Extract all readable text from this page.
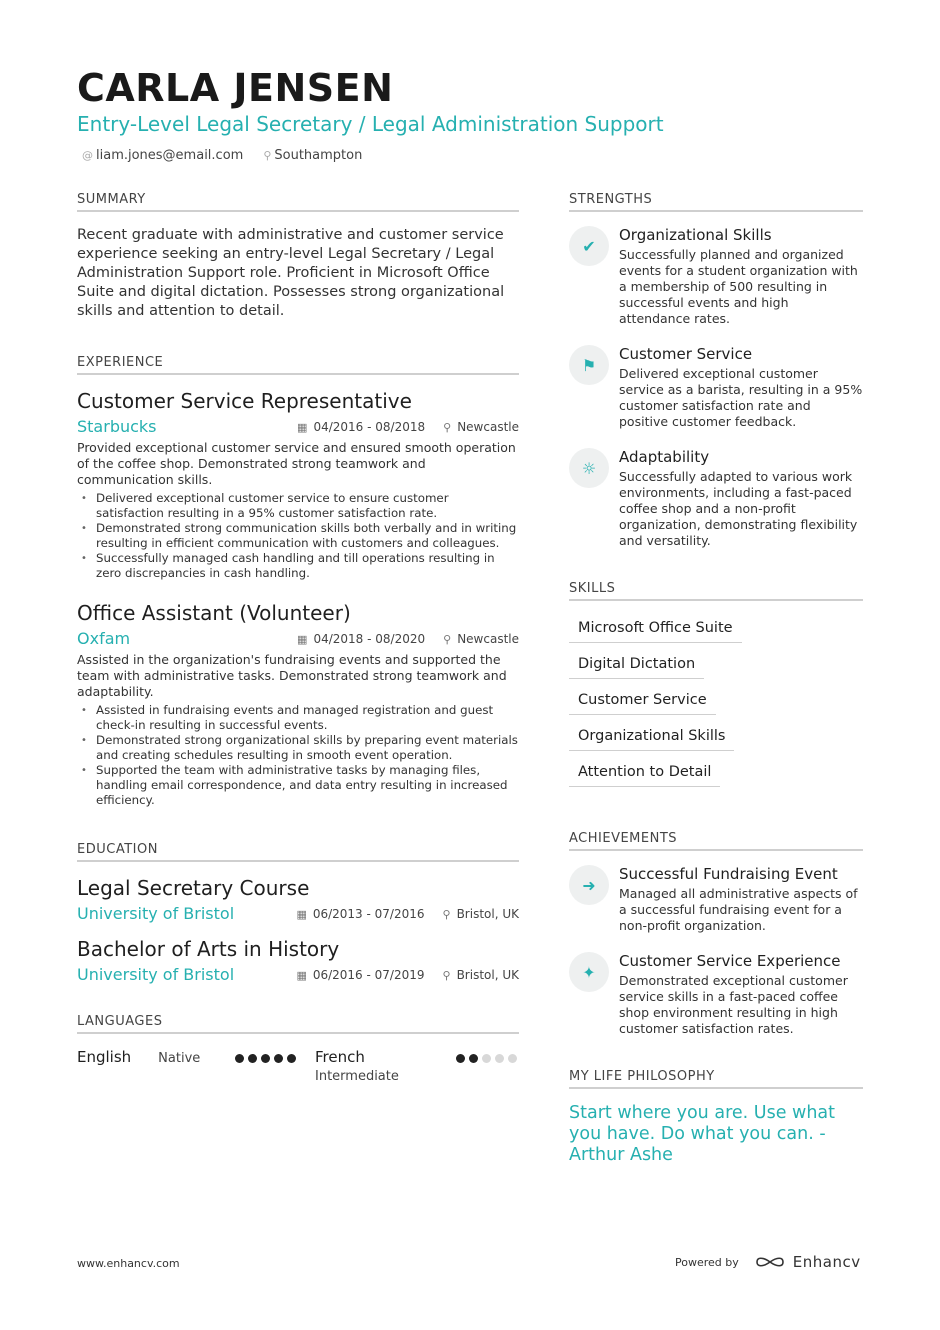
CARLA JENSEN
Entry-Level Legal Secretary / Legal Administration Support
@ liam.jones@email.com ⚲ Southampton
SUMMARY
Recent graduate with administrative and customer service experience seeking an entry-level Legal Secretary / Legal Administration Support role. Proficient in Microsoft Office Suite and digital dictation. Possesses strong organizational skills and attention to detail.
EXPERIENCE
Customer Service Representative
Starbucks	▦ 04/2016 - 08/2018 ⚲ Newcastle
Provided exceptional customer service and ensured smooth operation of the coffee shop. Demonstrated strong teamwork and communication skills.
• Delivered exceptional customer service to ensure customer satisfaction resulting in a 95% customer satisfaction rate.
• Demonstrated strong communication skills both verbally and in writing resulting in efficient communication with customers and colleagues.
• Successfully managed cash handling and till operations resulting in zero discrepancies in cash handling.
Office Assistant (Volunteer)
Oxfam	▦ 04/2018 - 08/2020 ⚲ Newcastle
Assisted in the organization's fundraising events and supported the team with administrative tasks. Demonstrated strong teamwork and adaptability.
• Assisted in fundraising events and managed registration and guest check-in resulting in successful events.
• Demonstrated strong organizational skills by preparing event materials and creating schedules resulting in smooth event operation.
• Supported the team with administrative tasks by managing files, handling email correspondence, and data entry resulting in increased efficiency.
EDUCATION
Legal Secretary Course
University of Bristol	▦ 06/2013 - 07/2016 ⚲ Bristol, UK
Bachelor of Arts in History
University of Bristol	▦ 06/2016 - 07/2019 ⚲ Bristol, UK
LANGUAGES
English Native	French
Intermediate
STRENGTHS
✔
Organizational Skills
Successfully planned and organized events for a student organization with a membership of 500 resulting in successful events and high attendance rates.
⚑
Customer Service
Delivered exceptional customer service as a barista, resulting in a 95% customer satisfaction rate and positive customer feedback.
☼
Adaptability
Successfully adapted to various work environments, including a fast-paced coffee shop and a non-profit organization, demonstrating flexibility and versatility.
SKILLS
Microsoft Office Suite
Digital Dictation
Customer Service
Organizational Skills
Attention to Detail
ACHIEVEMENTS
➜
Successful Fundraising Event
Managed all administrative aspects of a successful fundraising event for a non-profit organization.
✦
Customer Service Experience
Demonstrated exceptional customer service skills in a fast-paced coffee shop environment resulting in high customer satisfaction rates.
MY LIFE PHILOSOPHY
Start where you are. Use what you have. Do what you can. - Arthur Ashe
www.enhancv.com	Powered by	Enhancv
